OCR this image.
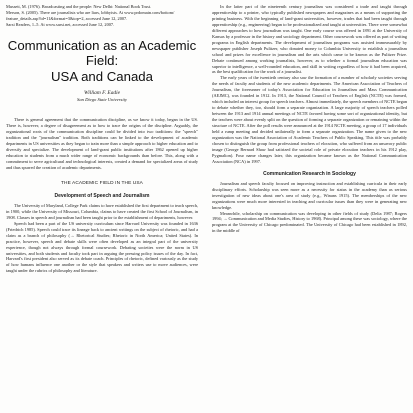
Mussett, M. (1976). Broadcasting and the people: New Delhi: National Book Trust.

Merson, S. (2005). There are journalists who are liars, lobbyists. At www.prdomain.com/bottom/

feature_details.asp?id=11&format=3&top=2, accessed June 12, 2007.

Sarsi Readers, 1–5. At www.sarsi.net, accessed June 12, 2007.

Communication as an Academic Field:
USA and Canada

William F. Eadie

San Diego State University

There is general agreement that the communication discipline, as we know it today, began in the US. There is, however, a degree of disagreement as to how to trace the origins of the discipline. Arguably, the organizational roots of the communication discipline could be divided into two traditions: the "speech" tradition and the "journalism" tradition. Both traditions can be linked to the development of academic departments in US universities as they began to train more than a simple approach to higher education and to diversify and specialize. The development of land-grant public institutions after 1862 opened up higher education to students from a much wider range of economic backgrounds than before. This, along with a commitment to serve agricultural and technological interests, created a demand for specialized areas of study and thus spurred the creation of academic departments.

THE ACADEMIC FIELD IN THE USA
Development of Speech and Journalism

The University of Maryland, College Park claims to have established the first department to teach speech, in 1900, while the University of Missouri, Columbia, claims to have created the first School of Journalism, in 1908. Classes in speech and journalism had been taught prior to the establishment of departments, however.

Speech had been a part of the US university curriculum since Harvard University was founded in 1636 (Friedrich 1985). Speech could trace its lineage back to ancient writings on the subject of rhetoric, and had a claim as a branch of philosophy (→ Rhetorical Studies; Rhetoric in North America; United States). In practice, however, speech and debate skills were often developed as an integral part of the university experience, though not always through formal coursework. Debating societies were the norm in US universities, and both students and faculty took part in arguing the pressing policy issues of the day. In fact, Harvard's first president also served as its debate coach. Principles of rhetoric, defined variously as the study of how humans influence one another or the style that speakers and writers use to move audiences, were taught under the rubrics of philosophy and literature.

In the latter part of the nineteenth century journalism was considered a trade and taught through apprenticeship to a printer, who typically published newspapers and magazines as a means of supporting the printing business. With the beginning of land-grant universities, however, trades that had been taught through apprenticeship (e.g., engineering) began to be professionalized and taught at universities. There were somewhat different approaches to how journalism was taught. One early course was offered in 1891 at the University of Kansas by a professor in the history and sociology department. Other coursework was offered as part of writing programs in English departments. The development of journalism programs was assisted immeasurably by newspaper publisher Joseph Pulitzer, who donated money to Columbia University to establish a journalism school and prizes for excellence in journalism and the arts which came to be known as the Pulitzer Prize. Debate continued among working journalists, however, as to whether a formal journalism education was superior to intelligence, a well-rounded education, and skill in writing regardless of how it had been acquired, as the best qualification for the work of a journalist.

The early years of the twentieth century also saw the formation of a number of scholarly societies serving the needs of faculty and students of the new academic departments. The American Association of Teachers of Journalism, the forerunner of today's Association for Education in Journalism and Mass Communication (AEJMC), was founded in 1912. In 1913, the National Council of Teachers of English (NCTE) was formed, which included an interest group for speech teachers. Almost immediately, the speech members of NCTE began to debate whether they, too, should form a separate organization. A large majority of speech teachers polled between the 1913 and 1914 annual meetings of NCTE favored having some sort of organizational identity, but the teachers were about evenly split on the question of forming a separate organization or remaining within the structure of NCTE. After the poll results were announced at the 1914 NCTE meeting, a group of 17 individuals held a rump meeting and decided unilaterally to form a separate organization. The name given to the new organization was the National Association of Academic Teachers of Public Speaking. This title was probably chosen to distinguish the group from professional teachers of elocution, who suffered from an unsavory public image (George Bernard Shaw had satirized the societal role of private elocution teachers in his 1912 play, Pygmalion). Four name changes later, this organization became known as the National Communication Association (NCA) in 1997.

Communication Research in Sociology

Journalism and speech faculty focused on improving instruction and establishing curricula in their early disciplinary efforts. Scholarship was seen more as a necessity for status in the academy than as serious investigation of new ideas about one's area of study (e.g., Winans 1915). The memberships of the new organizations were much more interested in teaching and curricular issues than they were in generating new knowledge.

Meanwhile, scholarship on communication was developing in other fields of study (Delia 1987; Rogers 1994; → Communication and Media Studies, History to 1968). Principal among these was sociology, where the program at the University of Chicago predominated. The University of Chicago had been established in 1892, in the middle of
